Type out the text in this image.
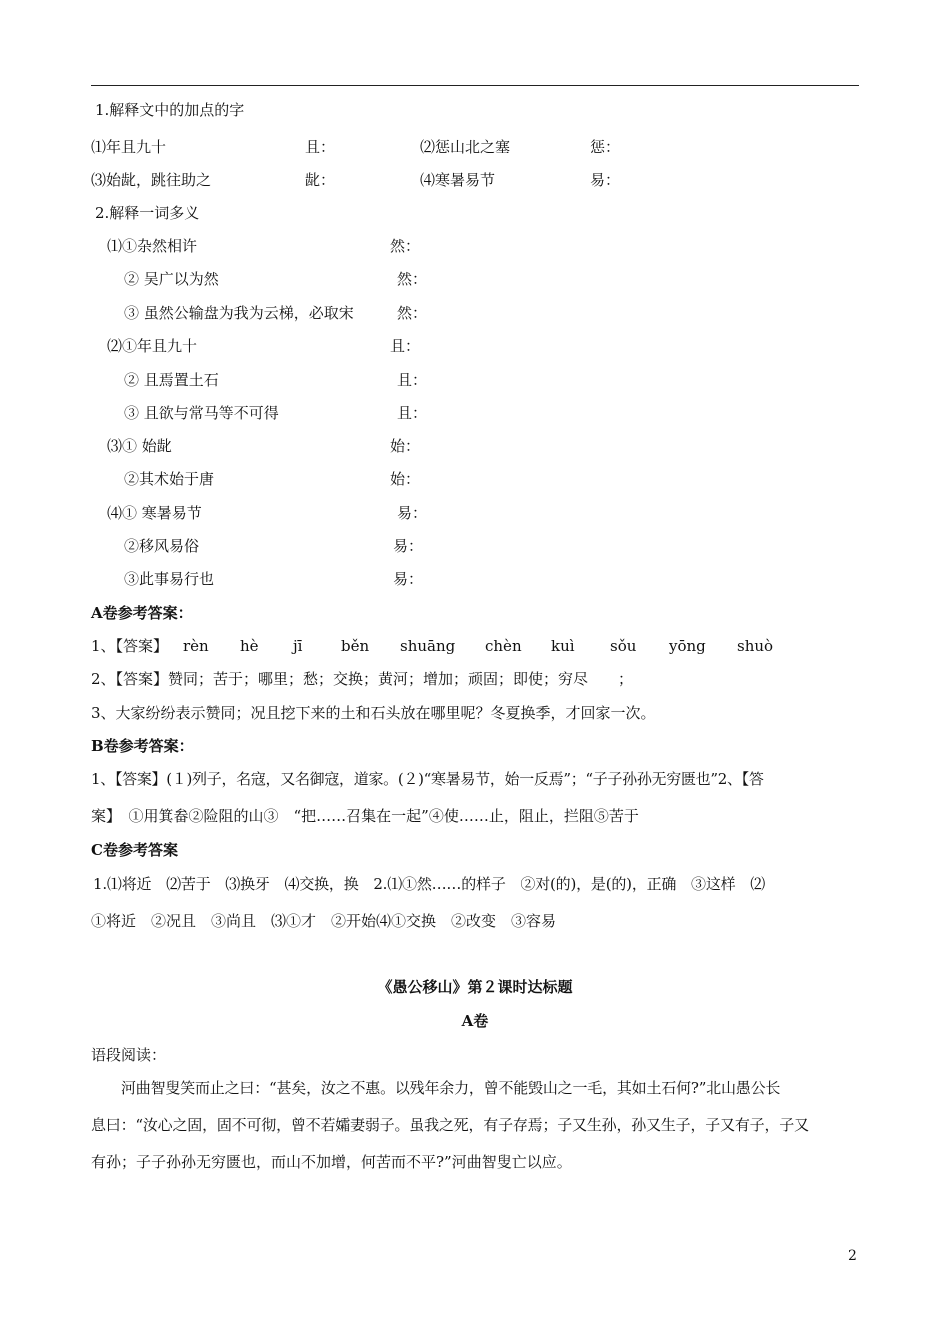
1.解释文中的加点的字
⑴年且九十	且：	⑵惩山北之塞	惩：
⑶始龀，跳往助之	龀：	⑷寒暑易节	易：
2.解释一词多义
⑴①杂然相许	然：
② 吴广以为然	然：
③ 虽然公输盘为我为云梯，必取宋	然：
⑵①年且九十	且：
② 且焉置土石	且：
③ 且欲与常马等不可得	且：
⑶① 始龀	始：
②其术始于唐	始：
⑷① 寒暑易节	易：
②移风易俗	易：
③此事易行也	易：
A卷参考答案：
1、【答案】 rèn hè jī	běn shuāng chèn kuì sǒu yōng shuò
2、【答案】赞同；苦于；哪里；愁；交换；黄河；增加；顽固；即使；穷尽　　；
3、大家纷纷表示赞同；况且挖下来的土和石头放在哪里呢？冬夏换季，才回家一次。
B卷参考答案：
1、【答案】(１)列子，名寇，又名御寇，道家。(２)“寒暑易节，始一反焉”；“子子孙孙无穷匮也”2、【答
案】　①用箕畚②险阻的山③　“把……召集在一起”④使……止，阻止，拦阻⑤苦于
C卷参考答案
1.⑴将近　⑵苦于　⑶换牙　⑷交换，换　2.⑴①然……的样子　②对(的)，是(的)，正确　③这样　⑵
①将近　②况且　③尚且　⑶①才　②开始⑷①交换　②改变　③容易
《愚公移山》第２课时达标题
A卷
语段阅读：
河曲智叟笑而止之曰：“甚矣，汝之不惠。以残年余力，曾不能毁山之一毛，其如土石何?”北山愚公长
息曰：“汝心之固，固不可彻，曾不若孀妻弱子。虽我之死，有子存焉；子又生孙，孙又生子，子又有子，子又
有孙；子子孙孙无穷匮也，而山不加增，何苦而不平?”河曲智叟亡以应。
2
